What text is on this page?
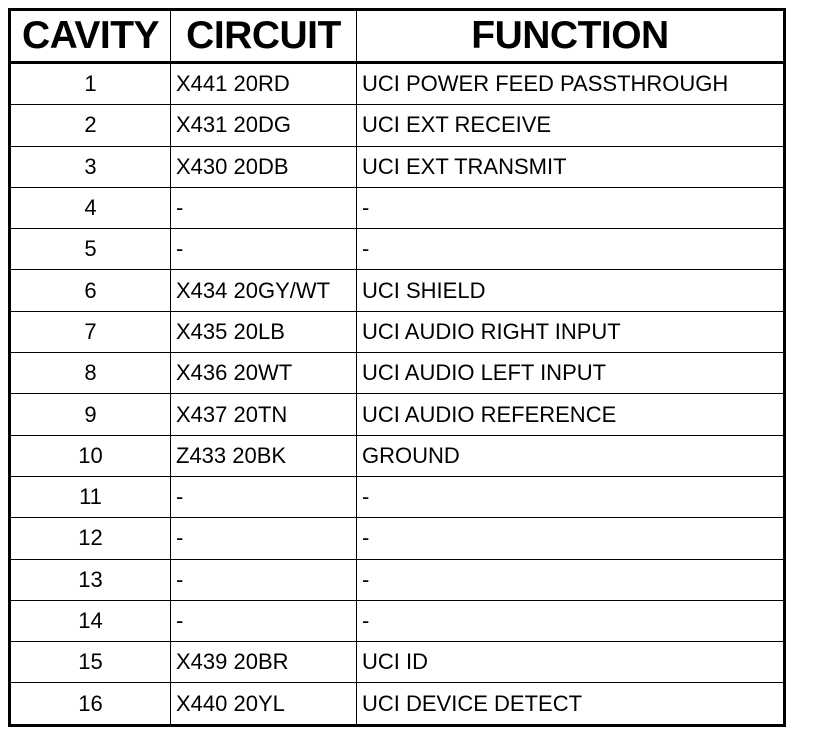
CAVITY	CIRCUIT	FUNCTION
1	X441 20RD	UCI POWER FEED PASSTHROUGH
2	X431 20DG	UCI EXT RECEIVE
3	X430 20DB	UCI EXT TRANSMIT
4	-	-
5	-	-
6	X434 20GY/WT	UCI SHIELD
7	X435 20LB	UCI AUDIO RIGHT INPUT
8	X436 20WT	UCI AUDIO LEFT INPUT
9	X437 20TN	UCI AUDIO REFERENCE
10	Z433 20BK	GROUND
11	-	-
12	-	-
13	-	-
14	-	-
15	X439 20BR	UCI ID
16	X440 20YL	UCI DEVICE DETECT
